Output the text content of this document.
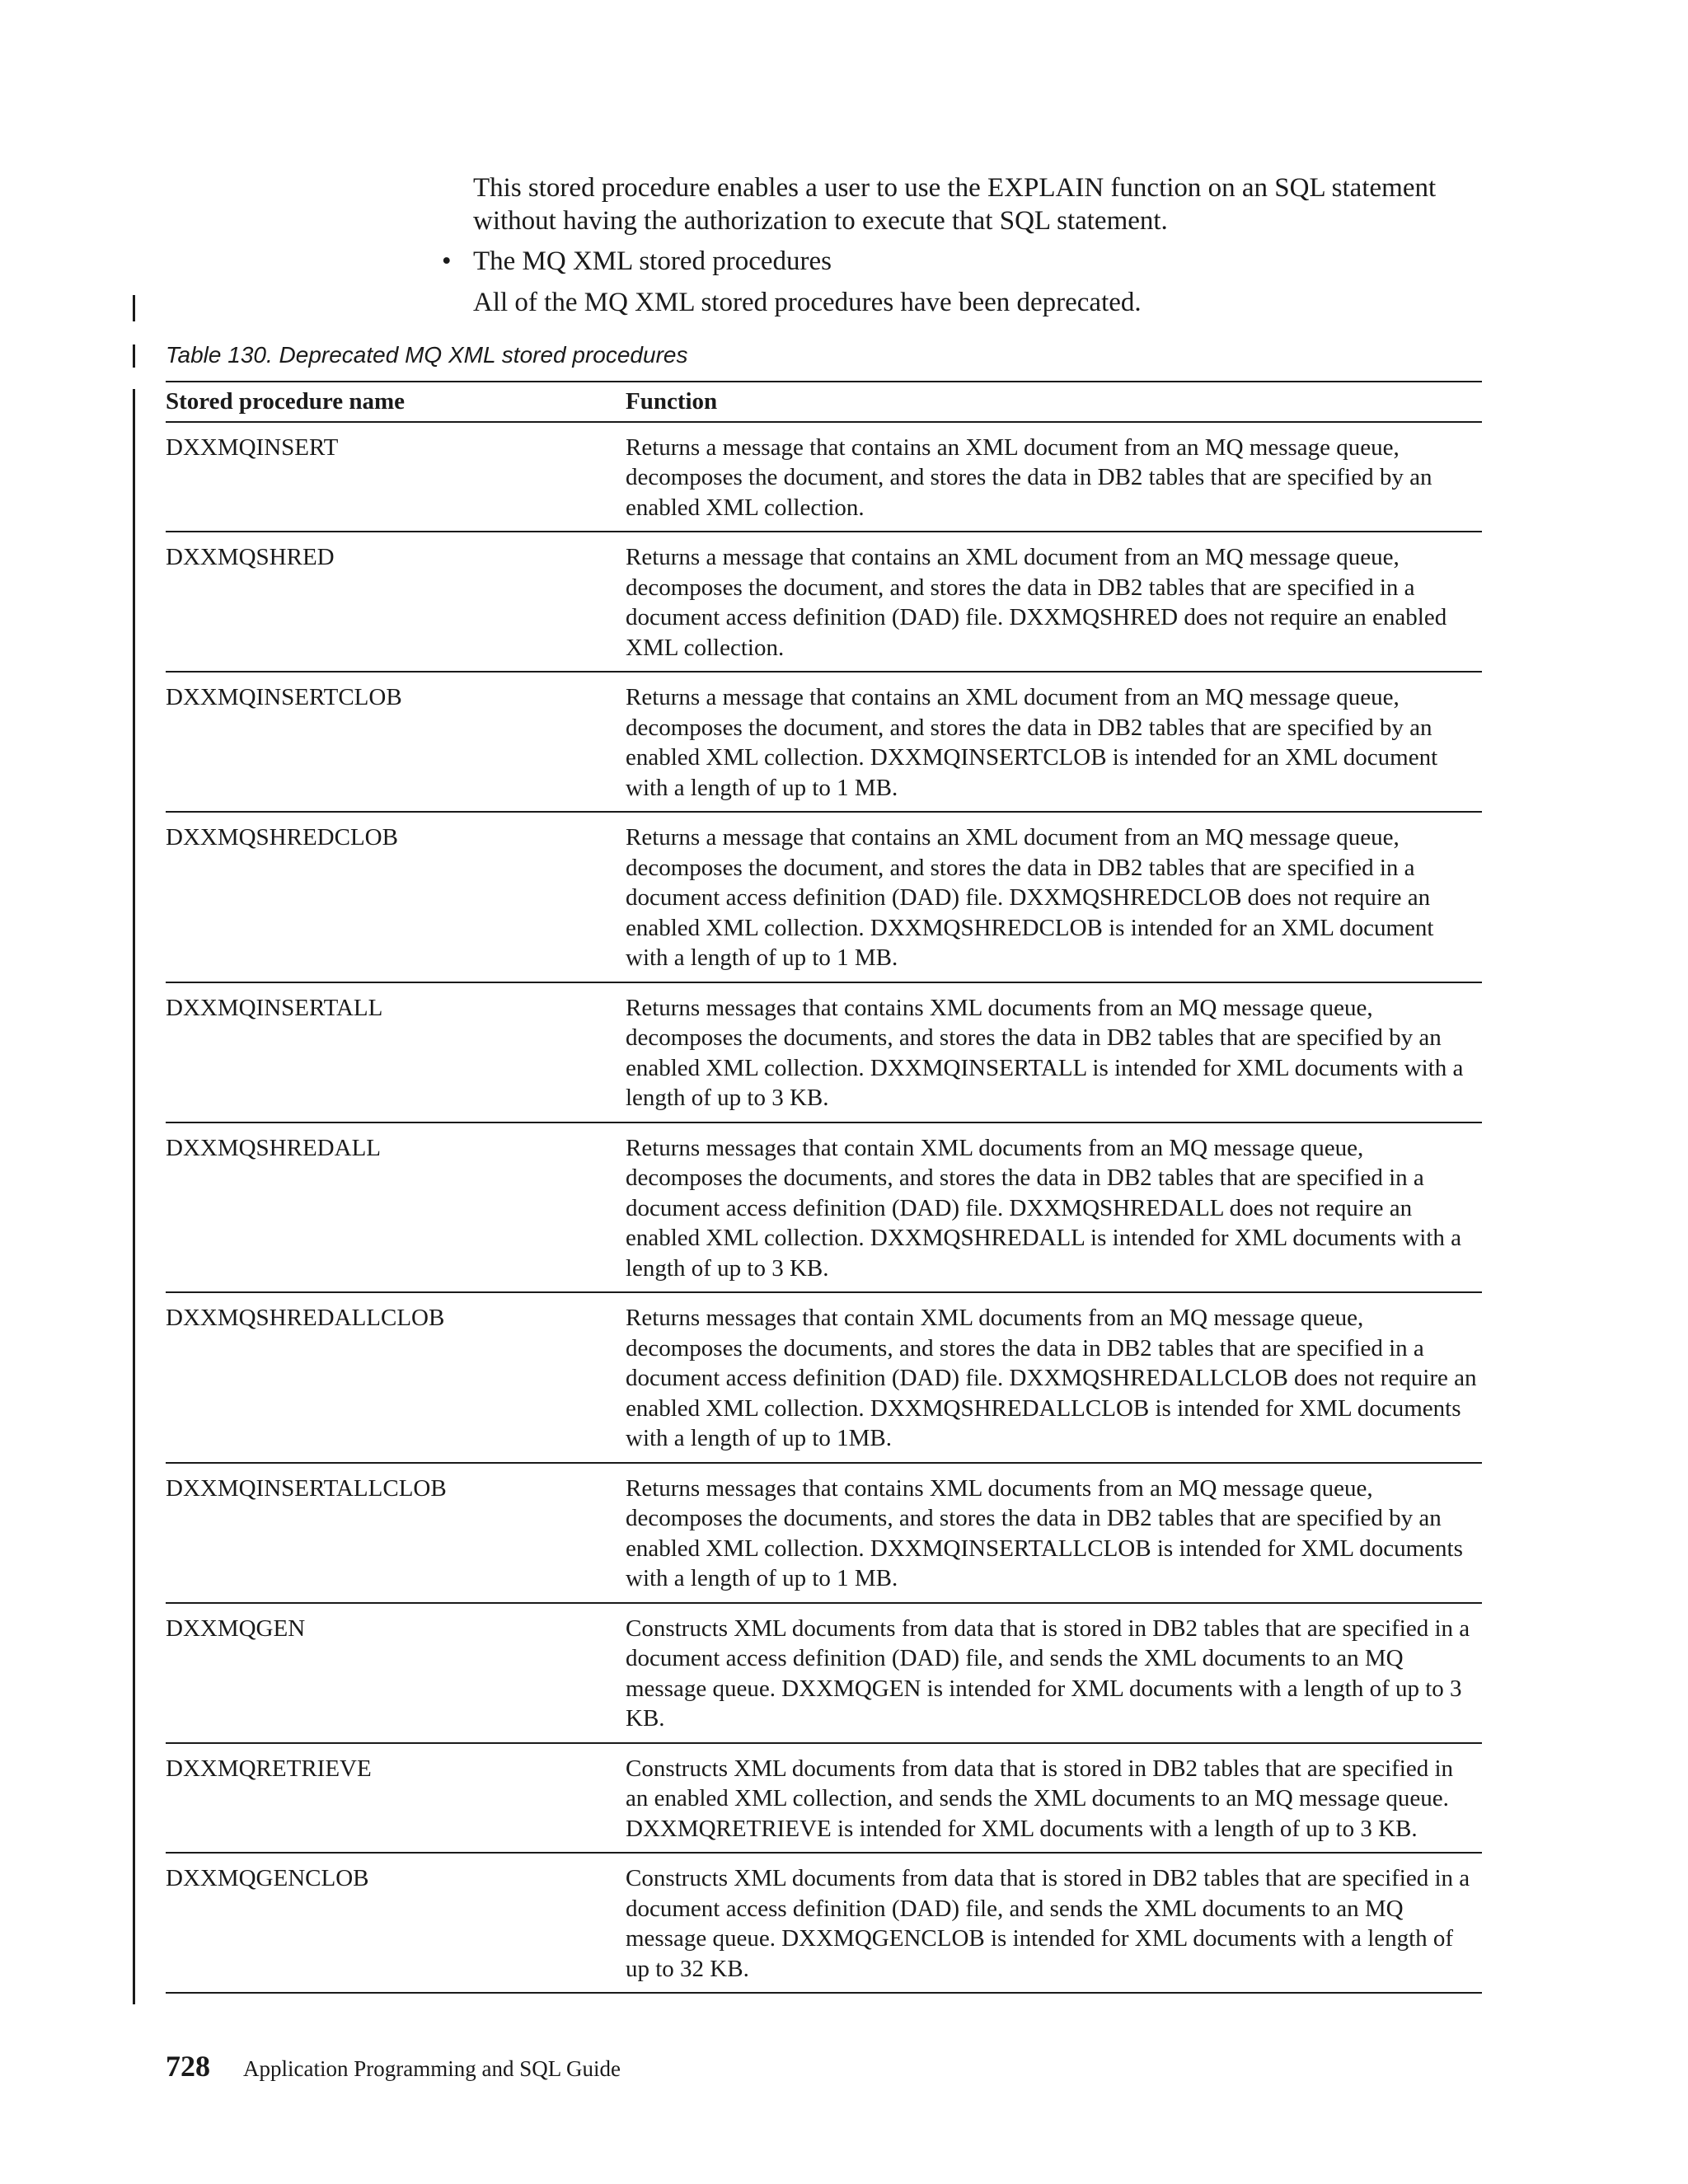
This stored procedure enables a user to use the EXPLAIN function on an SQL statement without having the authorization to execute that SQL statement.

• The MQ XML stored procedures

All of the MQ XML stored procedures have been deprecated.

Table 130. Deprecated MQ XML stored procedures
Stored procedure name	Function
DXXMQINSERT	Returns a message that contains an XML document from an MQ message queue, decomposes the document, and stores the data in DB2 tables that are specified by an enabled XML collection.
DXXMQSHRED	Returns a message that contains an XML document from an MQ message queue, decomposes the document, and stores the data in DB2 tables that are specified in a document access definition (DAD) file. DXXMQSHRED does not require an enabled XML collection.
DXXMQINSERTCLOB	Returns a message that contains an XML document from an MQ message queue, decomposes the document, and stores the data in DB2 tables that are specified by an enabled XML collection. DXXMQINSERTCLOB is intended for an XML document with a length of up to 1 MB.
DXXMQSHREDCLOB	Returns a message that contains an XML document from an MQ message queue, decomposes the document, and stores the data in DB2 tables that are specified in a document access definition (DAD) file. DXXMQSHREDCLOB does not require an enabled XML collection. DXXMQSHREDCLOB is intended for an XML document with a length of up to 1 MB.
DXXMQINSERTALL	Returns messages that contains XML documents from an MQ message queue, decomposes the documents, and stores the data in DB2 tables that are specified by an enabled XML collection. DXXMQINSERTALL is intended for XML documents with a length of up to 3 KB.
DXXMQSHREDALL	Returns messages that contain XML documents from an MQ message queue, decomposes the documents, and stores the data in DB2 tables that are specified in a document access definition (DAD) file. DXXMQSHREDALL does not require an enabled XML collection. DXXMQSHREDALL is intended for XML documents with a length of up to 3 KB.
DXXMQSHREDALLCLOB	Returns messages that contain XML documents from an MQ message queue, decomposes the documents, and stores the data in DB2 tables that are specified in a document access definition (DAD) file. DXXMQSHREDALLCLOB does not require an enabled XML collection. DXXMQSHREDALLCLOB is intended for XML documents with a length of up to 1MB.
DXXMQINSERTALLCLOB	Returns messages that contains XML documents from an MQ message queue, decomposes the documents, and stores the data in DB2 tables that are specified by an enabled XML collection. DXXMQINSERTALLCLOB is intended for XML documents with a length of up to 1 MB.
DXXMQGEN	Constructs XML documents from data that is stored in DB2 tables that are specified in a document access definition (DAD) file, and sends the XML documents to an MQ message queue. DXXMQGEN is intended for XML documents with a length of up to 3 KB.
DXXMQRETRIEVE	Constructs XML documents from data that is stored in DB2 tables that are specified in an enabled XML collection, and sends the XML documents to an MQ message queue. DXXMQRETRIEVE is intended for XML documents with a length of up to 3 KB.
DXXMQGENCLOB	Constructs XML documents from data that is stored in DB2 tables that are specified in a document access definition (DAD) file, and sends the XML documents to an MQ message queue. DXXMQGENCLOB is intended for XML documents with a length of up to 32 KB.
728 Application Programming and SQL Guide
